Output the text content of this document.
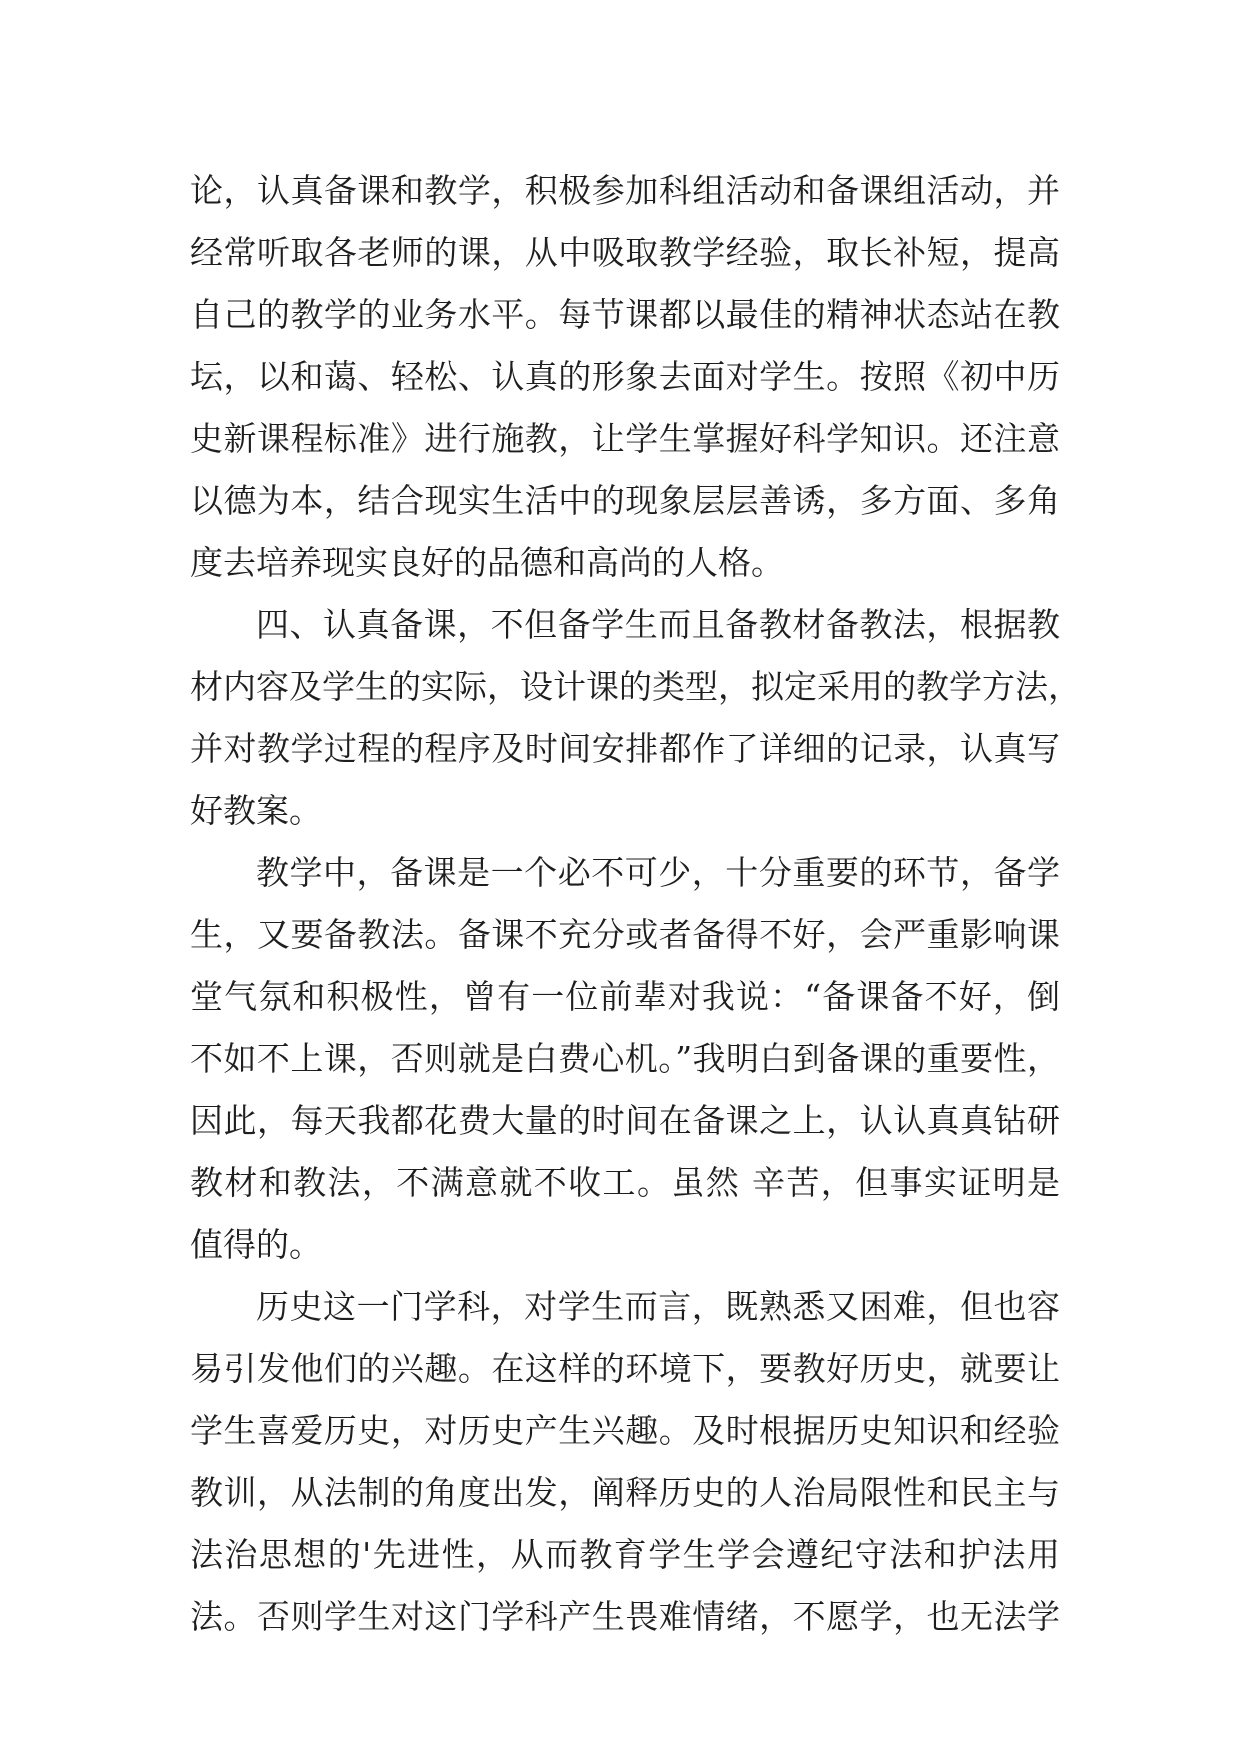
论，认真备课和教学，积极参加科组活动和备课组活动，并
经常听取各老师的课，从中吸取教学经验，取长补短，提高
自己的教学的业务水平。每节课都以最佳的精神状态站在教
坛，以和蔼、轻松、认真的形象去面对学生。按照《初中历
史新课程标准》进行施教，让学生掌握好科学知识。还注意
以德为本，结合现实生活中的现象层层善诱，多方面、多角
度去培养现实良好的品德和高尚的人格。
四、认真备课，不但备学生而且备教材备教法，根据教
材内容及学生的实际，设计课的类型，拟定采用的教学方法，
并对教学过程的程序及时间安排都作了详细的记录，认真写
好教案。
教学中，备课是一个必不可少，十分重要的环节，备学
生，又要备教法。备课不充分或者备得不好，会严重影响课
堂气氛和积极性，曾有一位前辈对我说：“备课备不好，倒
不如不上课，否则就是白费心机。”我明白到备课的重要性，
因此，每天我都花费大量的时间在备课之上，认认真真钻研
教材和教法，不满意就不收工。虽然 辛苦，但事实证明是
值得的。
历史这一门学科，对学生而言，既熟悉又困难，但也容
易引发他们的兴趣。在这样的环境下，要教好历史，就要让
学生喜爱历史，对历史产生兴趣。及时根据历史知识和经验
教训，从法制的角度出发，阐释历史的人治局限性和民主与
法治思想的'先进性，从而教育学生学会遵纪守法和护法用
法。否则学生对这门学科产生畏难情绪，不愿学，也无法学
